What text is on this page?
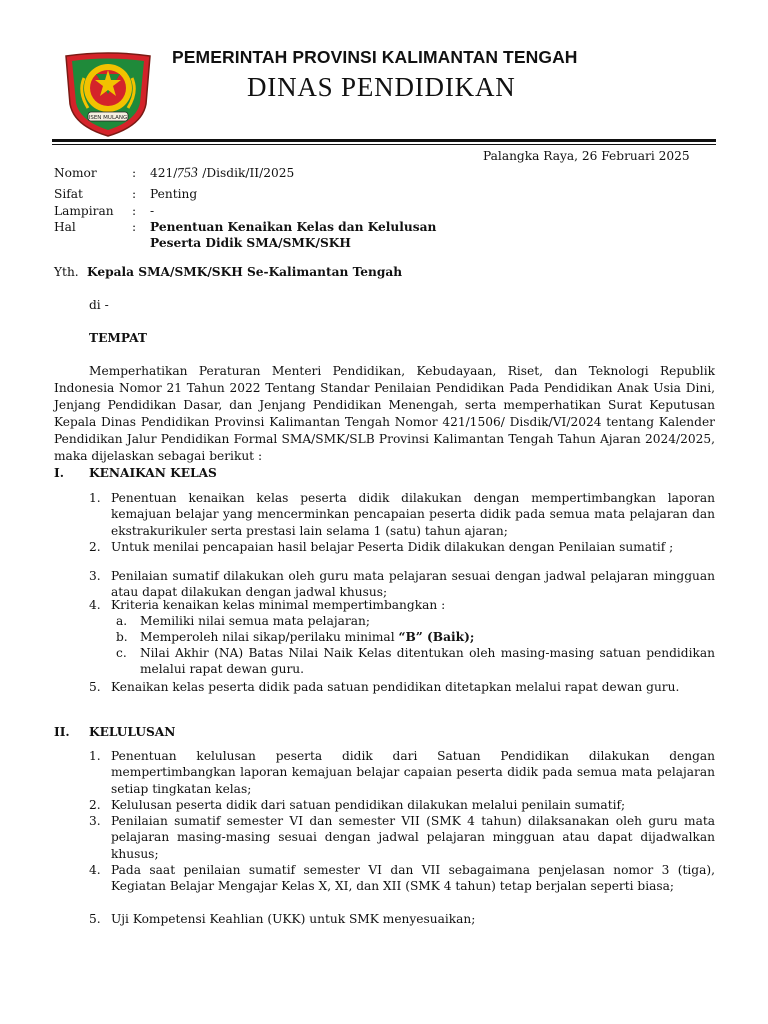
ISEN MULANG
PEMERINTAH PROVINSI KALIMANTAN TENGAH
DINAS PENDIDIKAN
Palangka Raya, 26 Februari 2025
Nomor	: 421/753 /Disdik/II/2025
Sifat	: Penting
Lampiran : -
Hal	: Penentuan Kenaikan Kelas dan Kelulusan
Peserta Didik SMA/SMK/SKH
Yth. Kepala SMA/SMK/SKH Se-Kalimantan Tengah
di -
TEMPAT

Memperhatikan Peraturan Menteri Pendidikan, Kebudayaan, Riset, dan Teknologi Republik Indonesia Nomor 21 Tahun 2022 Tentang Standar Penilaian Pendidikan Pada Pendidikan Anak Usia Dini, Jenjang Pendidikan Dasar, dan Jenjang Pendidikan Menengah, serta memperhatikan Surat Keputusan Kepala Dinas Pendidikan Provinsi Kalimantan Tengah Nomor 421/1506/ Disdik/VI/2024 tentang Kalender Pendidikan Jalur Pendidikan Formal SMA/SMK/SLB Provinsi Kalimantan Tengah Tahun Ajaran 2024/2025, maka dijelaskan sebagai berikut :

I. KENAIKAN KELAS
1. Penentuan kenaikan kelas peserta didik dilakukan dengan mempertimbangkan laporan kemajuan belajar yang mencerminkan pencapaian peserta didik pada semua mata pelajaran dan ekstrakurikuler serta prestasi lain selama 1 (satu) tahun ajaran;
2. Untuk menilai pencapaian hasil belajar Peserta Didik dilakukan dengan Penilaian sumatif ;
3. Penilaian sumatif dilakukan oleh guru mata pelajaran sesuai dengan jadwal pelajaran mingguan atau dapat dilakukan dengan jadwal khusus;
4. Kriteria kenaikan kelas minimal mempertimbangkan :
a. Memiliki nilai semua mata pelajaran;
b. Memperoleh nilai sikap/perilaku minimal “B” (Baik);
c. Nilai Akhir (NA) Batas Nilai Naik Kelas ditentukan oleh masing-masing satuan pendidikan melalui rapat dewan guru.
5. Kenaikan kelas peserta didik pada satuan pendidikan ditetapkan melalui rapat dewan guru.
II. KELULUSAN
1. Penentuan kelulusan peserta didik dari Satuan Pendidikan dilakukan dengan mempertimbangkan laporan kemajuan belajar capaian peserta didik pada semua mata pelajaran setiap tingkatan kelas;
2. Kelulusan peserta didik dari satuan pendidikan dilakukan melalui penilain sumatif;
3. Penilaian sumatif semester VI dan semester VII (SMK 4 tahun) dilaksanakan oleh guru mata pelajaran masing-masing sesuai dengan jadwal pelajaran mingguan atau dapat dijadwalkan khusus;
4. Pada saat penilaian sumatif semester VI dan VII sebagaimana penjelasan nomor 3 (tiga), Kegiatan Belajar Mengajar Kelas X, XI, dan XII (SMK 4 tahun) tetap berjalan seperti biasa;
5. Uji Kompetensi Keahlian (UKK) untuk SMK menyesuaikan;
